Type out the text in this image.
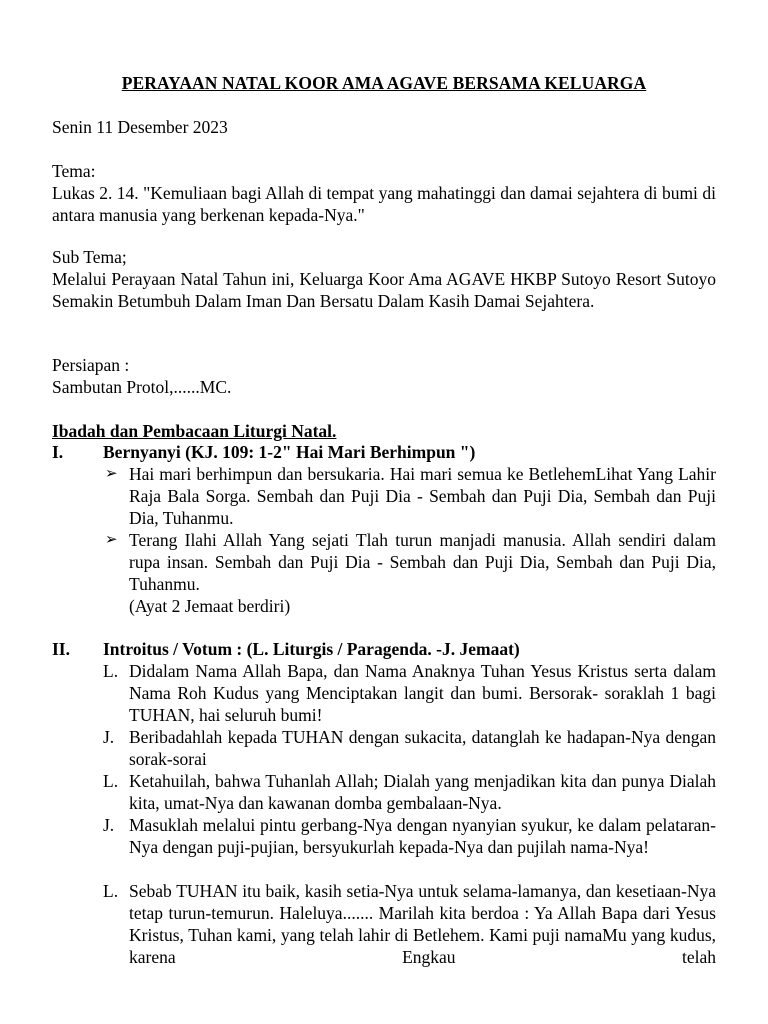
PERAYAAN NATAL KOOR AMA AGAVE BERSAMA KELUARGA
Senin 11 Desember 2023
Tema:
Lukas 2. 14. "Kemuliaan bagi Allah di tempat yang mahatinggi dan damai sejahtera di bumi di antara manusia yang berkenan kepada-Nya."
Sub Tema;
Melalui Perayaan Natal Tahun ini, Keluarga Koor Ama AGAVE HKBP Sutoyo Resort Sutoyo Semakin Betumbuh Dalam Iman Dan Bersatu Dalam Kasih Damai Sejahtera.
Persiapan :
Sambutan Protol,......MC.
Ibadah dan Pembacaan Liturgi Natal.
I. Bernyanyi (KJ. 109: 1-2" Hai Mari Berhimpun ")
➢ Hai mari berhimpun dan bersukaria. Hai mari semua ke BetlehemLihat Yang Lahir Raja Bala Sorga. Sembah dan Puji Dia - Sembah dan Puji Dia, Sembah dan Puji Dia, Tuhanmu.
➢ Terang Ilahi Allah Yang sejati Tlah turun manjadi manusia. Allah sendiri dalam rupa insan. Sembah dan Puji Dia - Sembah dan Puji Dia, Sembah dan Puji Dia, Tuhanmu.
(Ayat 2 Jemaat berdiri)
II. Introitus / Votum : (L. Liturgis / Paragenda. -J. Jemaat)
L. Didalam Nama Allah Bapa, dan Nama Anaknya Tuhan Yesus Kristus serta dalam Nama Roh Kudus yang Menciptakan langit dan bumi. Bersorak- soraklah 1 bagi TUHAN, hai seluruh bumi!
J. Beribadahlah kepada TUHAN dengan sukacita, datanglah ke hadapan-Nya dengan sorak-sorai
L. Ketahuilah, bahwa Tuhanlah Allah; Dialah yang menjadikan kita dan punya Dialah kita, umat-Nya dan kawanan domba gembalaan-Nya.
J. Masuklah melalui pintu gerbang-Nya dengan nyanyian syukur, ke dalam pelataran-Nya dengan puji-pujian, bersyukurlah kepada-Nya dan pujilah nama-Nya!
L. Sebab TUHAN itu baik, kasih setia-Nya untuk selama-lamanya, dan kesetiaan-Nya tetap turun-temurun. Haleluya....... Marilah kita berdoa : Ya Allah Bapa dari Yesus Kristus, Tuhan kami, yang telah lahir di Betlehem. Kami puji namaMu yang kudus, karena Engkau telah
